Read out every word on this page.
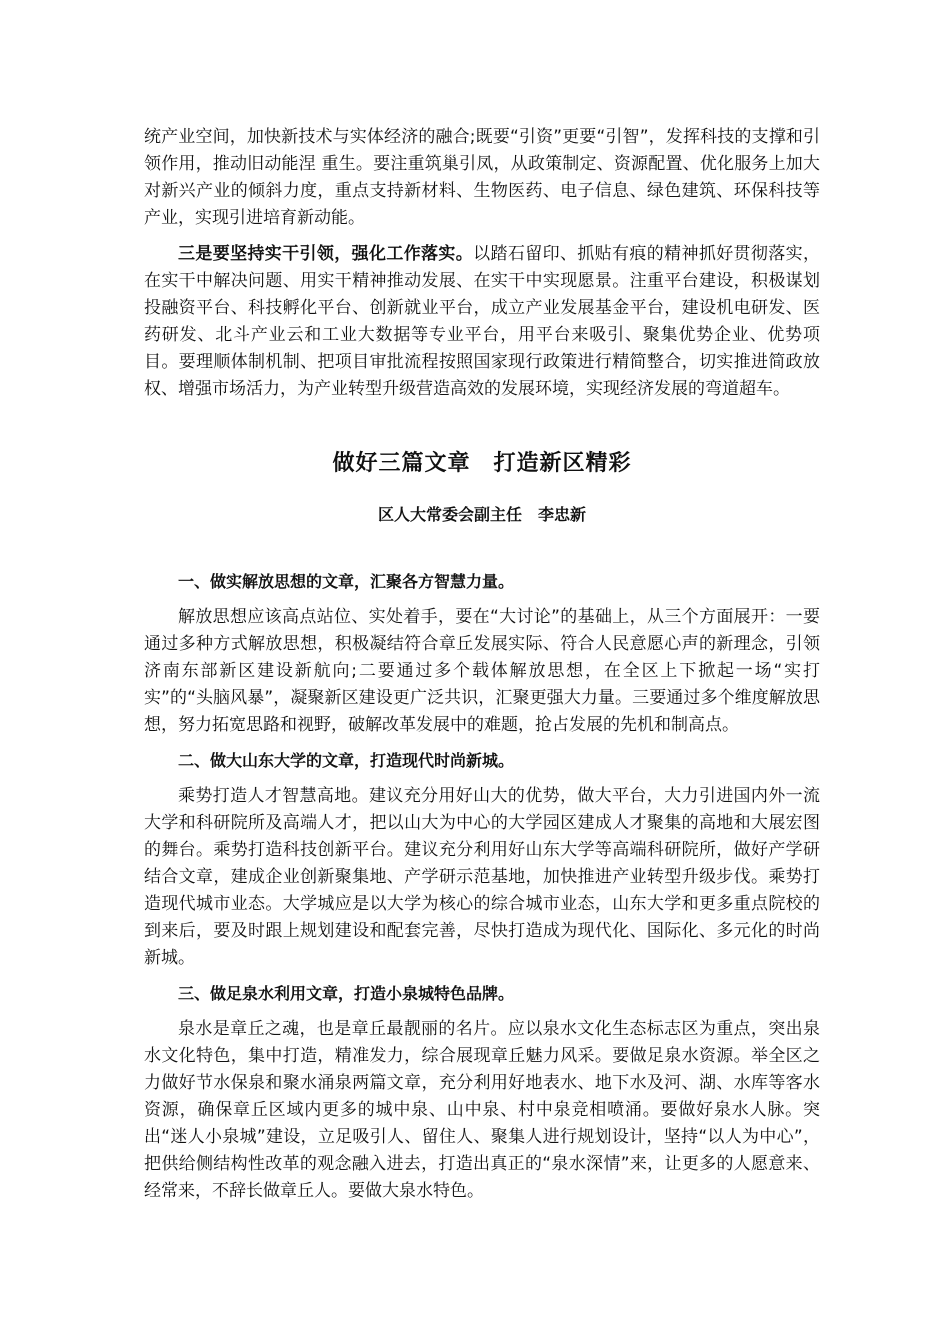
统产业空间，加快新技术与实体经济的融合;既要“引资”更要“引智”，发挥科技的支撑和引领作用，推动旧动能涅 重生。要注重筑巢引凤，从政策制定、资源配置、优化服务上加大对新兴产业的倾斜力度，重点支持新材料、生物医药、电子信息、绿色建筑、环保科技等产业，实现引进培育新动能。

三是要坚持实干引领，强化工作落实。以踏石留印、抓贴有痕的精神抓好贯彻落实，在实干中解决问题、用实干精神推动发展、在实干中实现愿景。注重平台建设，积极谋划投融资平台、科技孵化平台、创新就业平台，成立产业发展基金平台，建设机电研发、医药研发、北斗产业云和工业大数据等专业平台，用平台来吸引、聚集优势企业、优势项目。要理顺体制机制、把项目审批流程按照国家现行政策进行精简整合，切实推进简政放权、增强市场活力，为产业转型升级营造高效的发展环境，实现经济发展的弯道超车。

做好三篇文章　打造新区精彩
区人大常委会副主任　李忠新
一、做实解放思想的文章，汇聚各方智慧力量。

解放思想应该高点站位、实处着手，要在“大讨论”的基础上，从三个方面展开：一要通过多种方式解放思想，积极凝结符合章丘发展实际、符合人民意愿心声的新理念，引领济南东部新区建设新航向;二要通过多个载体解放思想，在全区上下掀起一场“实打实”的“头脑风暴”，凝聚新区建设更广泛共识，汇聚更强大力量。三要通过多个维度解放思想，努力拓宽思路和视野，破解改革发展中的难题，抢占发展的先机和制高点。

二、做大山东大学的文章，打造现代时尚新城。

乘势打造人才智慧高地。建议充分用好山大的优势，做大平台，大力引进国内外一流大学和科研院所及高端人才，把以山大为中心的大学园区建成人才聚集的高地和大展宏图的舞台。乘势打造科技创新平台。建议充分利用好山东大学等高端科研院所，做好产学研结合文章，建成企业创新聚集地、产学研示范基地，加快推进产业转型升级步伐。乘势打造现代城市业态。大学城应是以大学为核心的综合城市业态，山东大学和更多重点院校的到来后，要及时跟上规划建设和配套完善，尽快打造成为现代化、国际化、多元化的时尚新城。

三、做足泉水利用文章，打造小泉城特色品牌。

泉水是章丘之魂，也是章丘最靓丽的名片。应以泉水文化生态标志区为重点，突出泉水文化特色，集中打造，精准发力，综合展现章丘魅力风采。要做足泉水资源。举全区之力做好节水保泉和聚水涌泉两篇文章，充分利用好地表水、地下水及河、湖、水库等客水资源，确保章丘区域内更多的城中泉、山中泉、村中泉竞相喷涌。要做好泉水人脉。突出“迷人小泉城”建设，立足吸引人、留住人、聚集人进行规划设计，坚持“以人为中心”，把供给侧结构性改革的观念融入进去，打造出真正的“泉水深情”来，让更多的人愿意来、经常来，不辞长做章丘人。要做大泉水特色。
